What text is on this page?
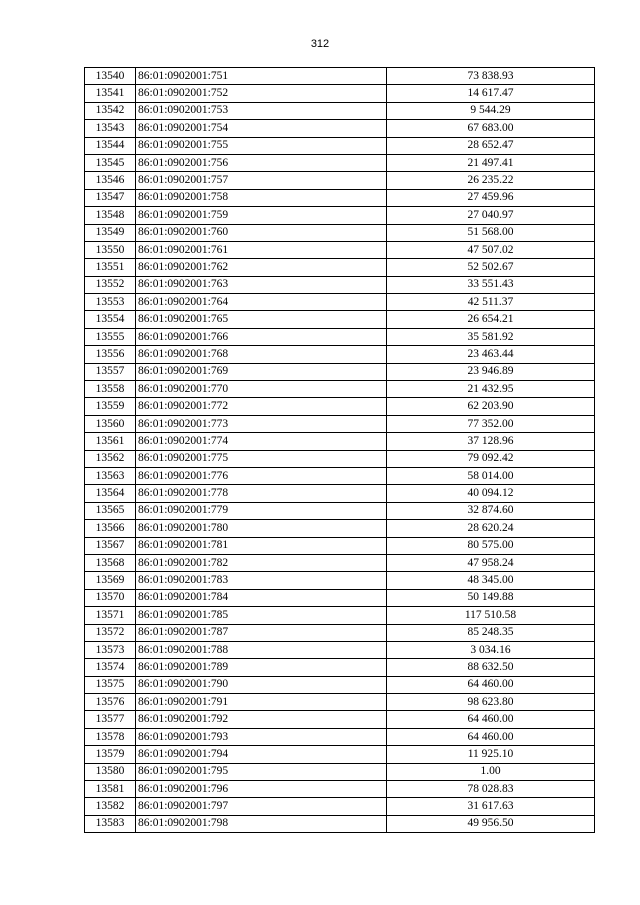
312
13540	86:01:0902001:751	73 838.93
13541	86:01:0902001:752	14 617.47
13542	86:01:0902001:753	9 544.29
13543	86:01:0902001:754	67 683.00
13544	86:01:0902001:755	28 652.47
13545	86:01:0902001:756	21 497.41
13546	86:01:0902001:757	26 235.22
13547	86:01:0902001:758	27 459.96
13548	86:01:0902001:759	27 040.97
13549	86:01:0902001:760	51 568.00
13550	86:01:0902001:761	47 507.02
13551	86:01:0902001:762	52 502.67
13552	86:01:0902001:763	33 551.43
13553	86:01:0902001:764	42 511.37
13554	86:01:0902001:765	26 654.21
13555	86:01:0902001:766	35 581.92
13556	86:01:0902001:768	23 463.44
13557	86:01:0902001:769	23 946.89
13558	86:01:0902001:770	21 432.95
13559	86:01:0902001:772	62 203.90
13560	86:01:0902001:773	77 352.00
13561	86:01:0902001:774	37 128.96
13562	86:01:0902001:775	79 092.42
13563	86:01:0902001:776	58 014.00
13564	86:01:0902001:778	40 094.12
13565	86:01:0902001:779	32 874.60
13566	86:01:0902001:780	28 620.24
13567	86:01:0902001:781	80 575.00
13568	86:01:0902001:782	47 958.24
13569	86:01:0902001:783	48 345.00
13570	86:01:0902001:784	50 149.88
13571	86:01:0902001:785	117 510.58
13572	86:01:0902001:787	85 248.35
13573	86:01:0902001:788	3 034.16
13574	86:01:0902001:789	88 632.50
13575	86:01:0902001:790	64 460.00
13576	86:01:0902001:791	98 623.80
13577	86:01:0902001:792	64 460.00
13578	86:01:0902001:793	64 460.00
13579	86:01:0902001:794	11 925.10
13580	86:01:0902001:795	1.00
13581	86:01:0902001:796	78 028.83
13582	86:01:0902001:797	31 617.63
13583	86:01:0902001:798	49 956.50
